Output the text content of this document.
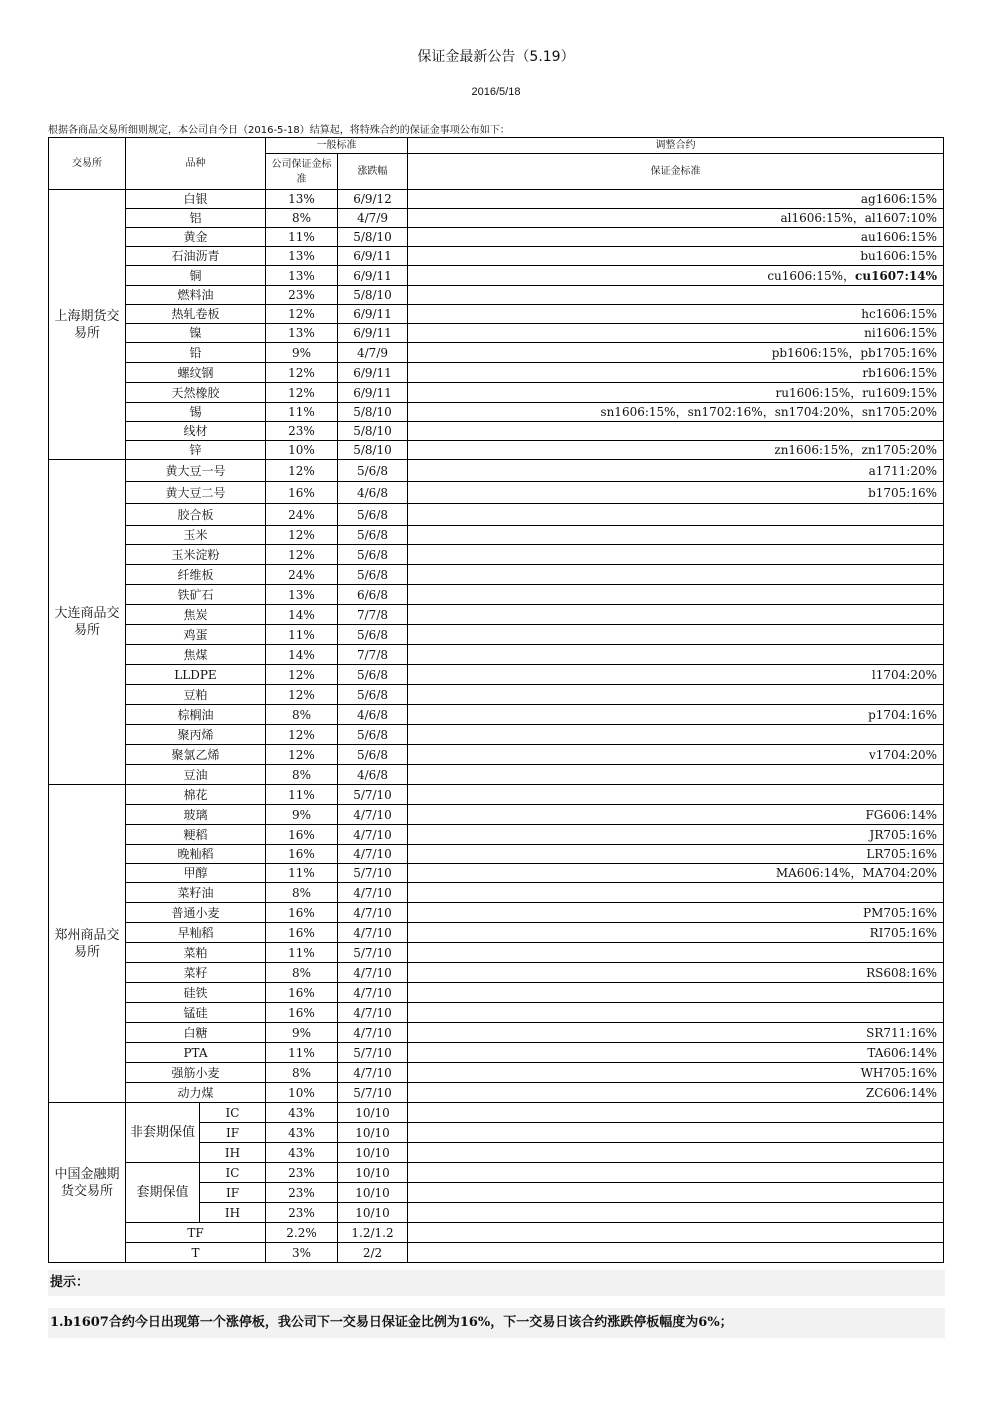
保证金最新公告（5.19）
2016/5/18
根据各商品交易所细则规定，本公司自今日（2016-5-18）结算起，将特殊合约的保证金事项公布如下：
交易所	品种		一般标准		调整合约
			公司保证金标准	涨跌幅	保证金标准
上海期货交易所	白银		13%	6/9/12	ag1606:15%
	铝		8%	4/7/9	al1606:15%，al1607:10%
	黄金		11%	5/8/10	au1606:15%
	石油沥青		13%	6/9/11	bu1606:15%
	铜		13%	6/9/11	cu1606:15%，cu1607:14%
	燃料油		23%	5/8/10	
	热轧卷板		12%	6/9/11	hc1606:15%
	镍		13%	6/9/11	ni1606:15%
	铅		9%	4/7/9	pb1606:15%，pb1705:16%
	螺纹钢		12%	6/9/11	rb1606:15%
	天然橡胶		12%	6/9/11	ru1606:15%，ru1609:15%
	锡		11%	5/8/10	sn1606:15%，sn1702:16%，sn1704:20%，sn1705:20%
	线材		23%	5/8/10	
	锌		10%	5/8/10	zn1606:15%，zn1705:20%
大连商品交易所	黄大豆一号		12%	5/6/8	a1711:20%
	黄大豆二号		16%	4/6/8	b1705:16%
	胶合板		24%	5/6/8	
	玉米		12%	5/6/8	
	玉米淀粉		12%	5/6/8	
	纤维板		24%	5/6/8	
	铁矿石		13%	6/6/8	
	焦炭		14%	7/7/8	
	鸡蛋		11%	5/6/8	
	焦煤		14%	7/7/8	
	LLDPE		12%	5/6/8	l1704:20%
	豆粕		12%	5/6/8	
	棕榈油		8%	4/6/8	p1704:16%
	聚丙烯		12%	5/6/8	
	聚氯乙烯		12%	5/6/8	v1704:20%
	豆油		8%	4/6/8	
郑州商品交易所	棉花		11%	5/7/10	
	玻璃		9%	4/7/10	FG606:14%
	粳稻		16%	4/7/10	JR705:16%
	晚籼稻		16%	4/7/10	LR705:16%
	甲醇		11%	5/7/10	MA606:14%，MA704:20%
	菜籽油		8%	4/7/10	
	普通小麦		16%	4/7/10	PM705:16%
	早籼稻		16%	4/7/10	RI705:16%
	菜粕		11%	5/7/10	
	菜籽		8%	4/7/10	RS608:16%
	硅铁		16%	4/7/10	
	锰硅		16%	4/7/10	
	白糖		9%	4/7/10	SR711:16%
	PTA		11%	5/7/10	TA606:14%
	强筋小麦		8%	4/7/10	WH705:16%
	动力煤		10%	5/7/10	ZC606:14%
中国金融期货交易所	非套期保值	IC	43%	10/10	
		IF	43%	10/10	
		IH	43%	10/10	
	套期保值	IC	23%	10/10	
		IF	23%	10/10	
		IH	23%	10/10	
	TF		2.2%	1.2/1.2	
	T		3%	2/2	
提示：
1.b1607合约今日出现第一个涨停板，我公司下一交易日保证金比例为16%，下一交易日该合约涨跌停板幅度为6%；
